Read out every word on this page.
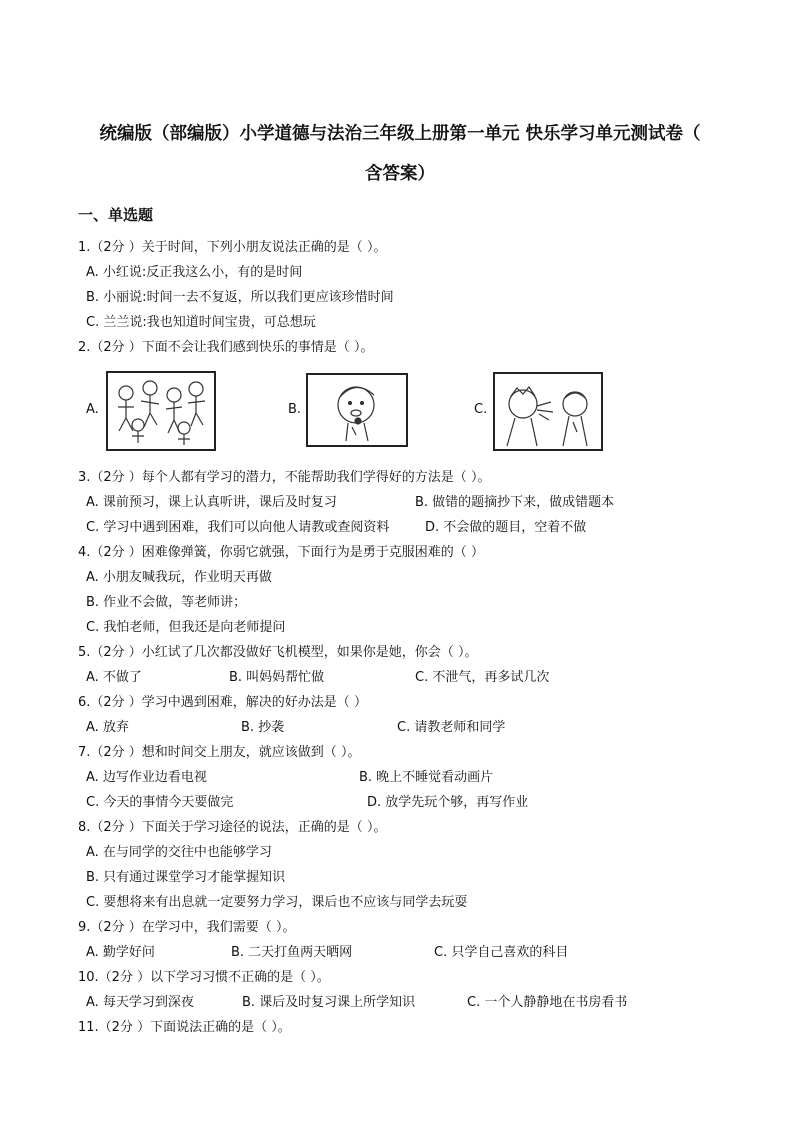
统编版（部编版）小学道德与法治三年级上册第一单元 快乐学习单元测试卷（
含答案）
一、单选题
1.（2分 ）关于时间，下列小朋友说法正确的是（ ）。
A. 小红说:反正我这么小，有的是时间
B. 小丽说:时间一去不复返，所以我们更应该珍惜时间
C. 兰兰说:我也知道时间宝贵，可总想玩
2.（2分 ）下面不会让我们感到快乐的事情是（ ）。
A.	B.	C.
3.（2分 ）每个人都有学习的潜力，不能帮助我们学得好的方法是（ ）。
A. 课前预习，课上认真听讲，课后及时复习	B. 做错的题摘抄下来，做成错题本
C. 学习中遇到困难，我们可以向他人请教或查阅资料	D. 不会做的题目，空着不做
4.（2分 ）困难像弹簧，你弱它就强，下面行为是勇于克服困难的（ ）
A. 小朋友喊我玩，作业明天再做
B. 作业不会做，等老师讲；
C. 我怕老师，但我还是向老师提问
5.（2分 ）小红试了几次都没做好飞机模型，如果你是她，你会（ ）。
A. 不做了	B. 叫妈妈帮忙做	C. 不泄气，再多试几次
6.（2分 ）学习中遇到困难，解决的好办法是（ ）
A. 放弃	B. 抄袭	C. 请教老师和同学
7.（2分 ）想和时间交上朋友，就应该做到（ ）。
A. 边写作业边看电视	B. 晚上不睡觉看动画片
C. 今天的事情今天要做完	D. 放学先玩个够，再写作业
8.（2分 ）下面关于学习途径的说法，正确的是（ ）。
A. 在与同学的交往中也能够学习
B. 只有通过课堂学习才能掌握知识
C. 要想将来有出息就一定要努力学习，课后也不应该与同学去玩耍
9.（2分 ）在学习中，我们需要（ ）。
A. 勤学好问	B. 二天打鱼两天晒网	C. 只学自己喜欢的科目
10.（2分 ）以下学习习惯不正确的是（ ）。
A. 每天学习到深夜	B. 课后及时复习课上所学知识	C. 一个人静静地在书房看书
11.（2分 ）下面说法正确的是（ ）。
